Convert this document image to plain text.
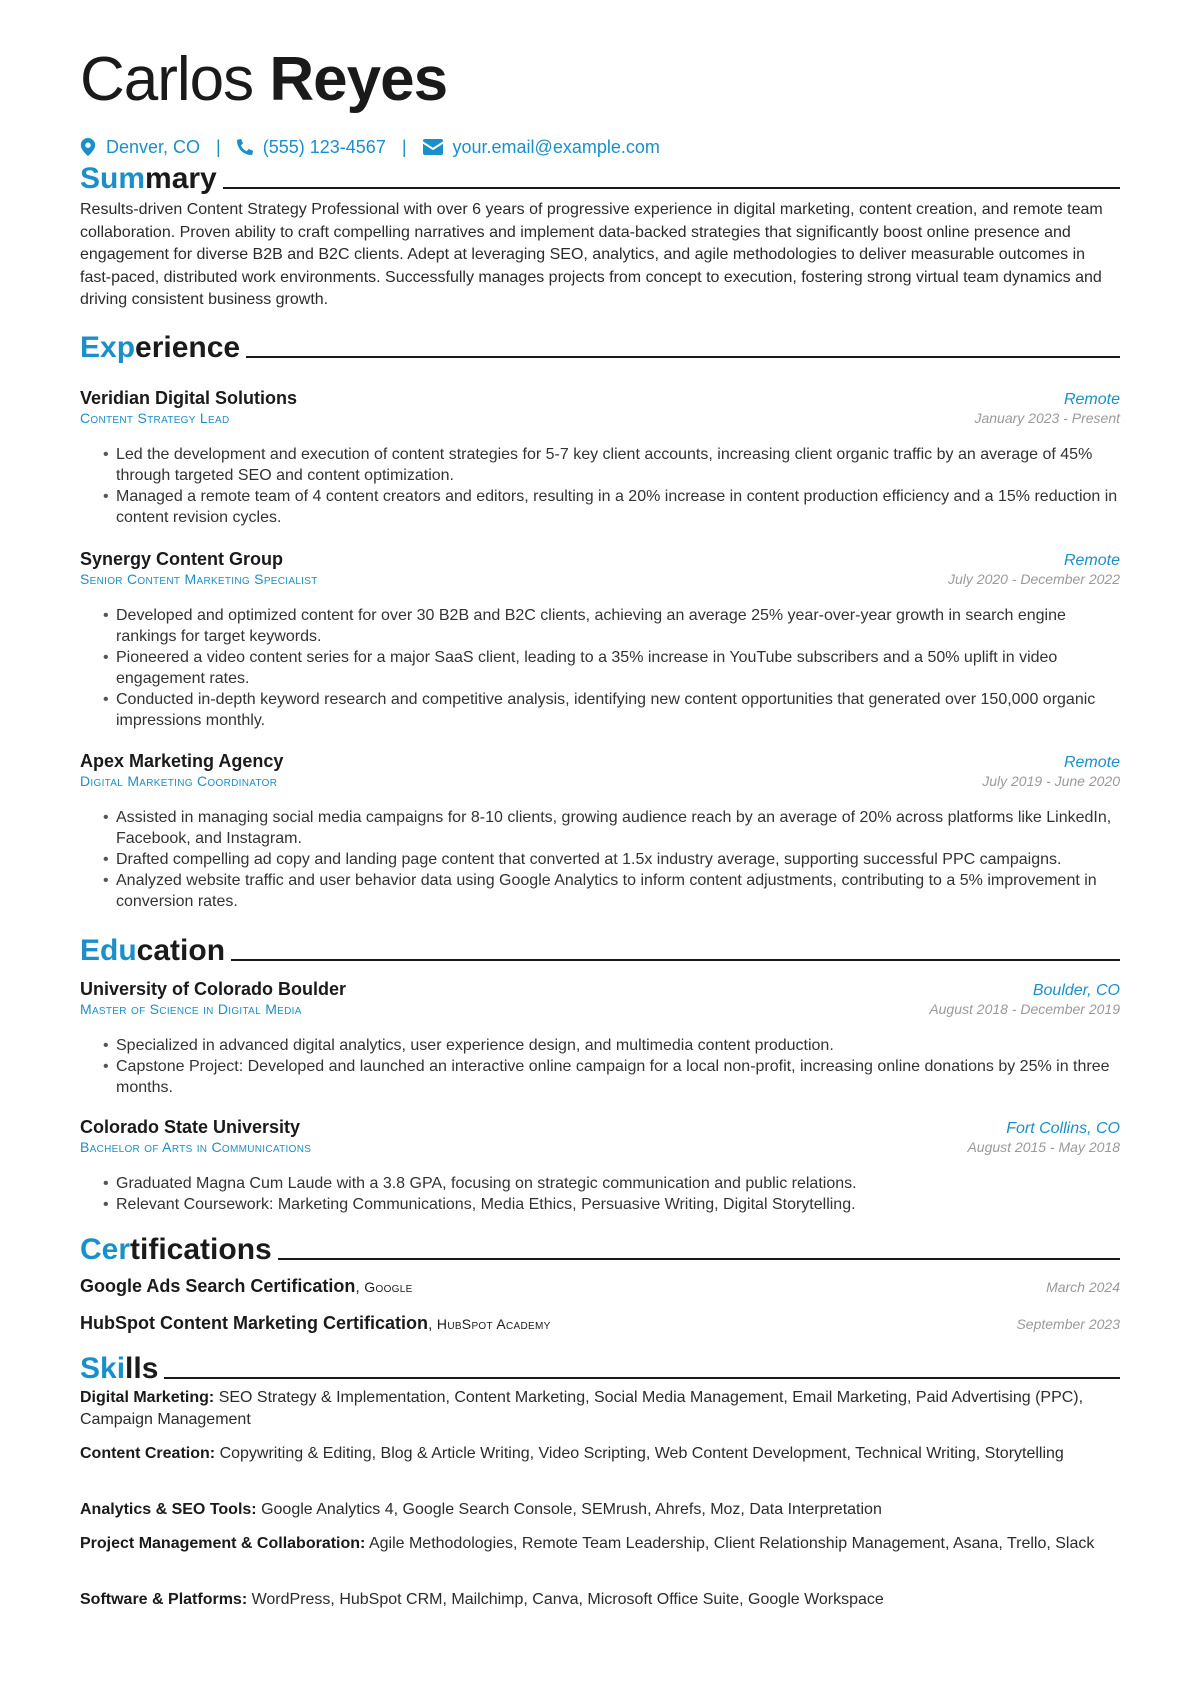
Carlos Reyes
Denver, CO | (555) 123-4567 |	your.email@example.com
Summary

Results-driven Content Strategy Professional with over 6 years of progressive experience in digital marketing, content creation, and remote team collaboration. Proven ability to craft compelling narratives and implement data-backed strategies that significantly boost online presence and engagement for diverse B2B and B2C clients. Adept at leveraging SEO, analytics, and agile methodologies to deliver measurable outcomes in fast-paced, distributed work environments. Successfully manages projects from concept to execution, fostering strong virtual team dynamics and driving consistent business growth.

Experience
Veridian Digital Solutions	Remote
Content Strategy Lead	January 2023 - Present
• Led the development and execution of content strategies for 5-7 key client accounts, increasing client organic traffic by an average of 45% through targeted SEO and content optimization.
• Managed a remote team of 4 content creators and editors, resulting in a 20% increase in content production efficiency and a 15% reduction in content revision cycles.
Synergy Content Group	Remote
Senior Content Marketing Specialist	July 2020 - December 2022
• Developed and optimized content for over 30 B2B and B2C clients, achieving an average 25% year-over-year growth in search engine rankings for target keywords.
• Pioneered a video content series for a major SaaS client, leading to a 35% increase in YouTube subscribers and a 50% uplift in video engagement rates.
• Conducted in-depth keyword research and competitive analysis, identifying new content opportunities that generated over 150,000 organic impressions monthly.
Apex Marketing Agency	Remote
Digital Marketing Coordinator	July 2019 - June 2020
• Assisted in managing social media campaigns for 8-10 clients, growing audience reach by an average of 20% across platforms like LinkedIn, Facebook, and Instagram.
• Drafted compelling ad copy and landing page content that converted at 1.5x industry average, supporting successful PPC campaigns.
• Analyzed website traffic and user behavior data using Google Analytics to inform content adjustments, contributing to a 5% improvement in conversion rates.
Education
University of Colorado Boulder	Boulder, CO
Master of Science in Digital Media	August 2018 - December 2019
• Specialized in advanced digital analytics, user experience design, and multimedia content production.
• Capstone Project: Developed and launched an interactive online campaign for a local non-profit, increasing online donations by 25% in three months.
Colorado State University	Fort Collins, CO
Bachelor of Arts in Communications	August 2015 - May 2018
• Graduated Magna Cum Laude with a 3.8 GPA, focusing on strategic communication and public relations.
• Relevant Coursework: Marketing Communications, Media Ethics, Persuasive Writing, Digital Storytelling.
Certifications
Google Ads Search Certification, Google	March 2024
HubSpot Content Marketing Certification, HubSpot Academy	September 2023
Skills

Digital Marketing: SEO Strategy & Implementation, Content Marketing, Social Media Management, Email Marketing, Paid Advertising (PPC), Campaign Management

Content Creation: Copywriting & Editing, Blog & Article Writing, Video Scripting, Web Content Development, Technical Writing, Storytelling

Analytics & SEO Tools: Google Analytics 4, Google Search Console, SEMrush, Ahrefs, Moz, Data Interpretation

Project Management & Collaboration: Agile Methodologies, Remote Team Leadership, Client Relationship Management, Asana, Trello, Slack

Software & Platforms: WordPress, HubSpot CRM, Mailchimp, Canva, Microsoft Office Suite, Google Workspace
